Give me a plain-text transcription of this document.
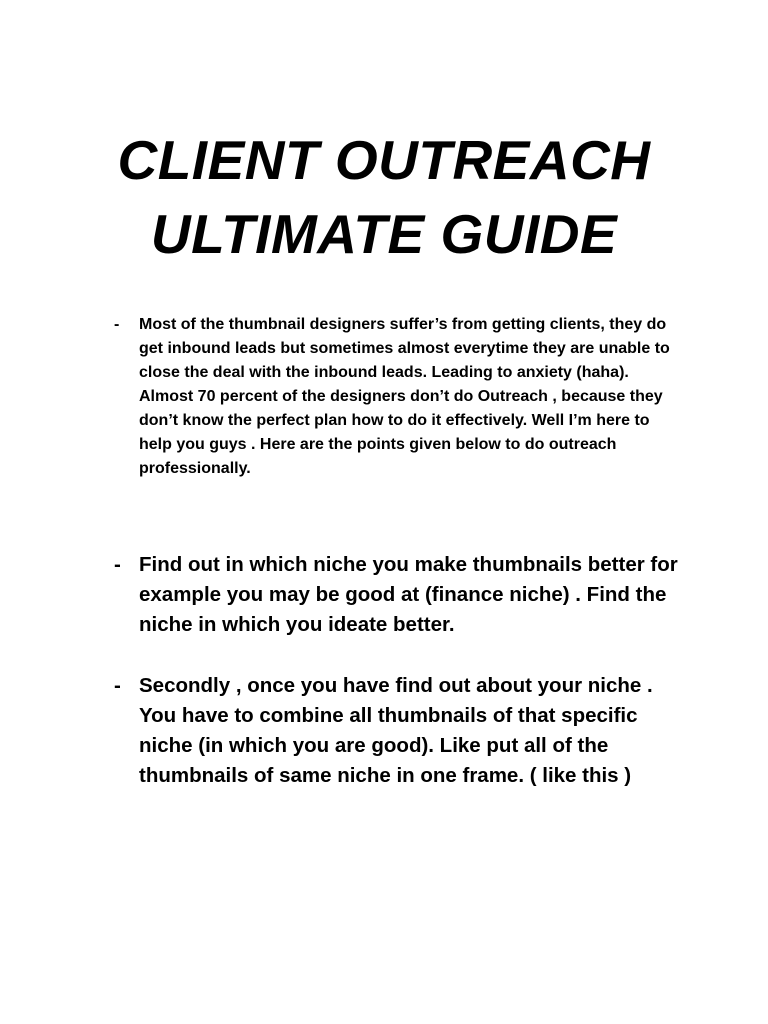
CLIENT OUTREACH
ULTIMATE GUIDE
-	Most of the thumbnail designers suffer’s from getting clients, they do get inbound leads but sometimes almost everytime they are unable to close the deal with the inbound leads. Leading to anxiety (haha). Almost 70 percent of the designers don’t do Outreach , because they don’t know the perfect plan how to do it effectively. Well I’m here to help you guys . Here are the points given below to do outreach professionally.
- Find out in which niche you make thumbnails better for example you may be good at (finance niche) . Find the niche in which you ideate better.
- Secondly , once you have find out about your niche . You have to combine all thumbnails of that specific niche (in which you are good). Like put all of the thumbnails of same niche in one frame. ( like this )
